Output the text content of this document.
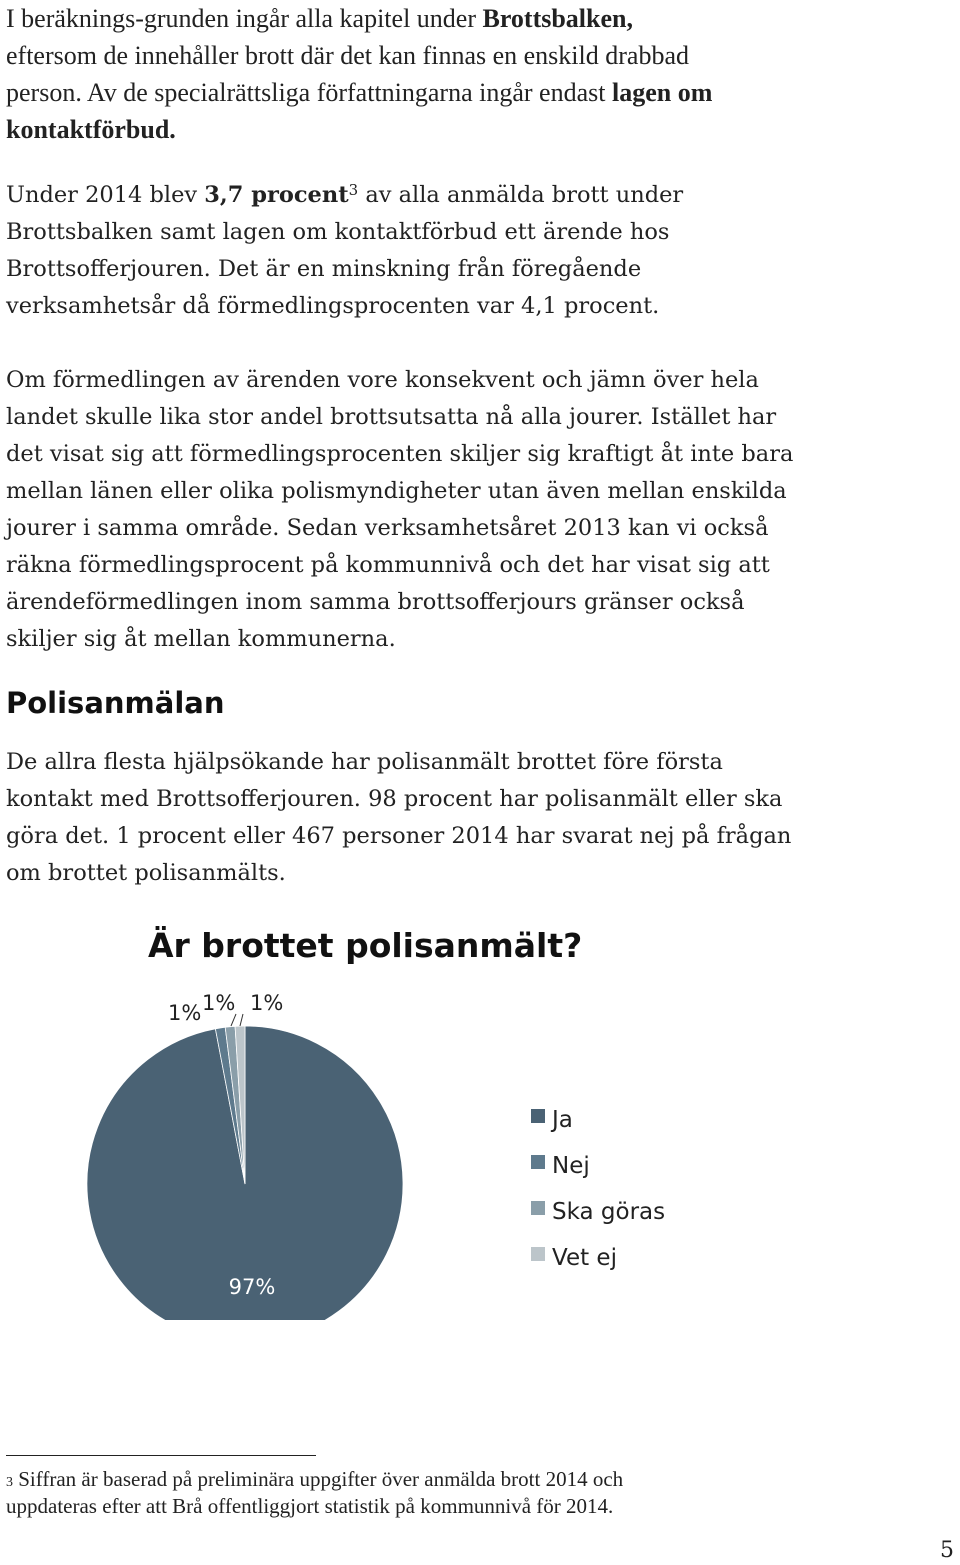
I beräknings-grunden ingår alla kapitel under Brottsbalken,
eftersom de innehåller brott där det kan finnas en enskild drabbad
person. Av de specialrättsliga författningarna ingår endast lagen om
kontaktförbud.

Under 2014 blev 3,7 procent$^3$ av alla anmälda brott under
Brottsbalken samt lagen om kontaktförbud ett ärende hos
Brottsofferjouren. Det är en minskning från föregående
verksamhetsår då förmedlingsprocenten var 4,1 procent.

Om förmedlingen av ärenden vore konsekvent och jämn över hela
landet skulle lika stor andel brottsutsatta nå alla jourer. Istället har
det visat sig att förmedlingsprocenten skiljer sig kraftigt åt inte bara
mellan länen eller olika polismyndigheter utan även mellan enskilda
jourer i samma område. Sedan verksamhetsåret 2013 kan vi också
räkna förmedlingsprocent på kommunnivå och det har visat sig att
ärendeförmedlingen inom samma brottsofferjours gränser också
skiljer sig åt mellan kommunerna.

Polisanmälan

De allra flesta hjälpsökande har polisanmält brottet före första
kontakt med Brottsofferjouren. 98 procent har polisanmält eller ska
göra det. 1 procent eller 467 personer 2014 har svarat nej på frågan
om brottet polisanmälts.

Är brottet polisanmält?
97%
1% 1% 1%
Ja
Nej
Ska göras
Vet ej

3 Siffran är baserad på preliminära uppgifter över anmälda brott 2014 och
uppdateras efter att Brå offentliggjort statistik på kommunnivå för 2014.

5
